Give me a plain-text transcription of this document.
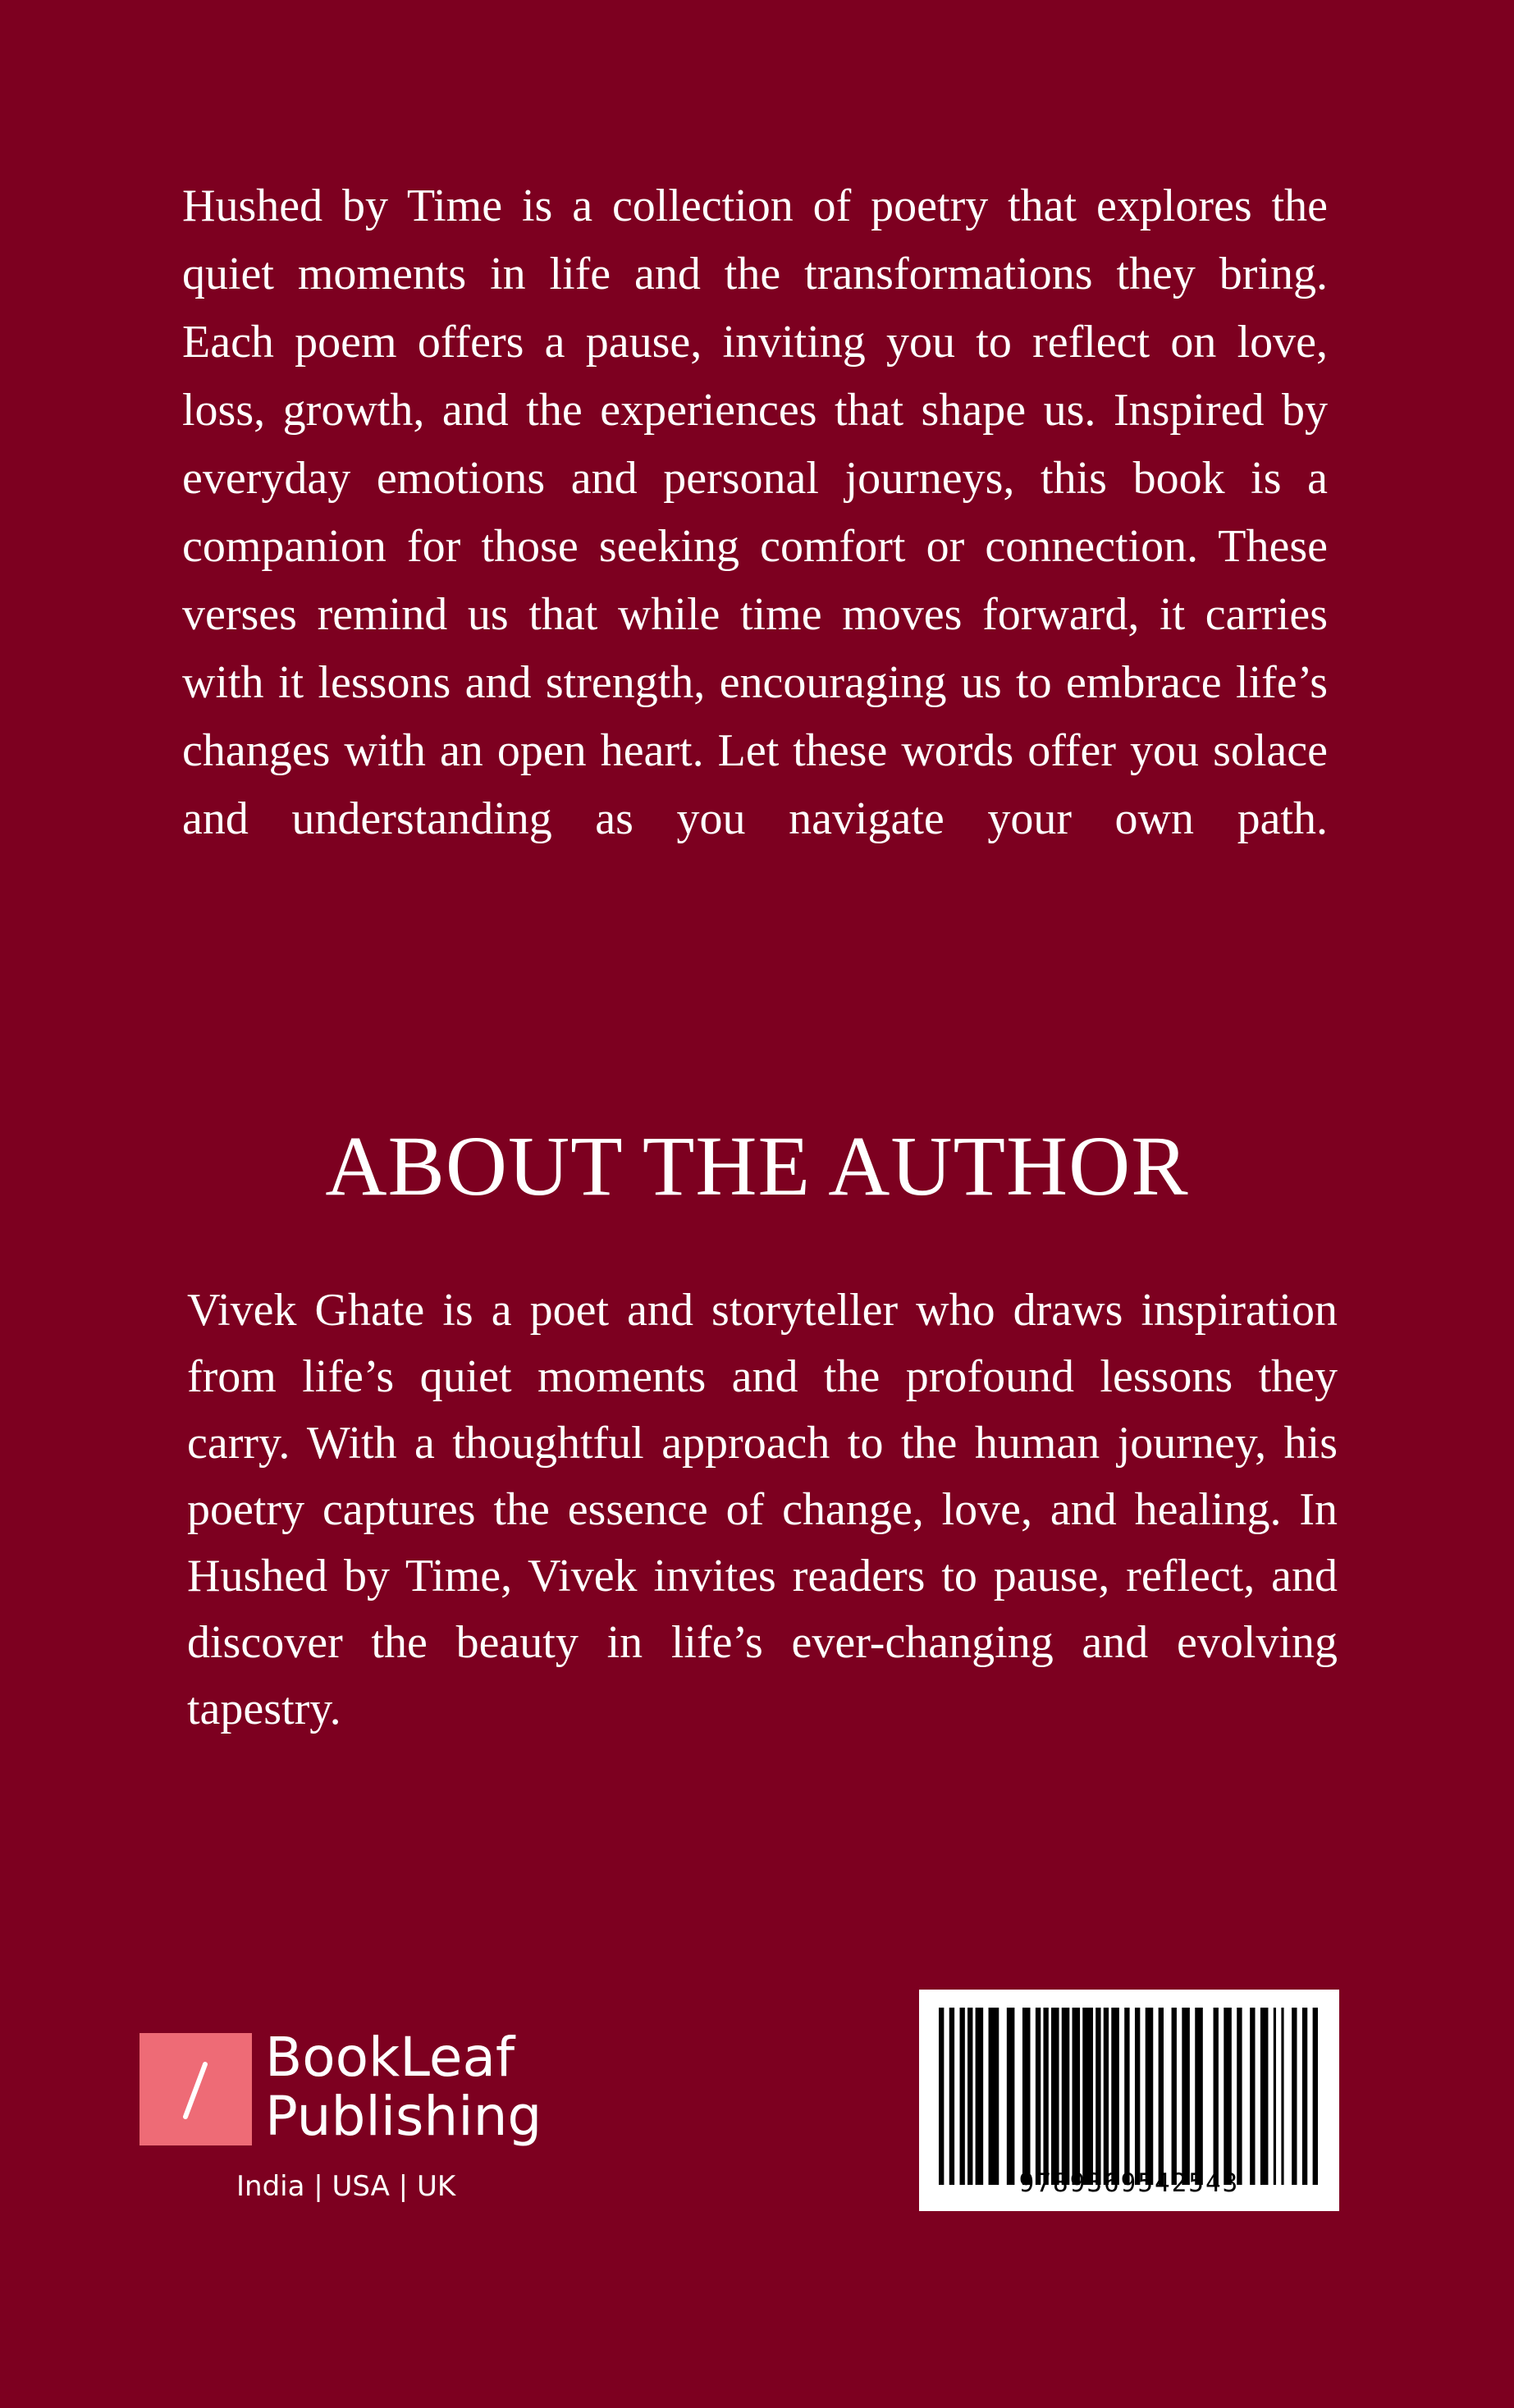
Hushed by Time is a collection of poetry that explores the quiet moments in life and the transformations they bring. Each poem offers a pause, inviting you to reflect on love, loss, growth, and the experiences that shape us. Inspired by everyday emotions and personal journeys, this book is a companion for those seeking comfort or connection. These verses remind us that while time moves forward, it carries with it lessons and strength, encouraging us to embrace life’s changes with an open heart. Let these words offer you solace and understanding as you navigate your own path.

ABOUT THE AUTHOR

Vivek Ghate is a poet and storyteller who draws inspiration from life’s quiet moments and the profound lessons they carry. With a thoughtful approach to the human journey, his poetry captures the essence of change, love, and healing. In Hushed by Time, Vivek invites readers to pause, reflect, and discover the beauty in life’s ever-changing and evolving tapestry.

BookLeaf
Publishing
India | USA | UK	9789369542543
